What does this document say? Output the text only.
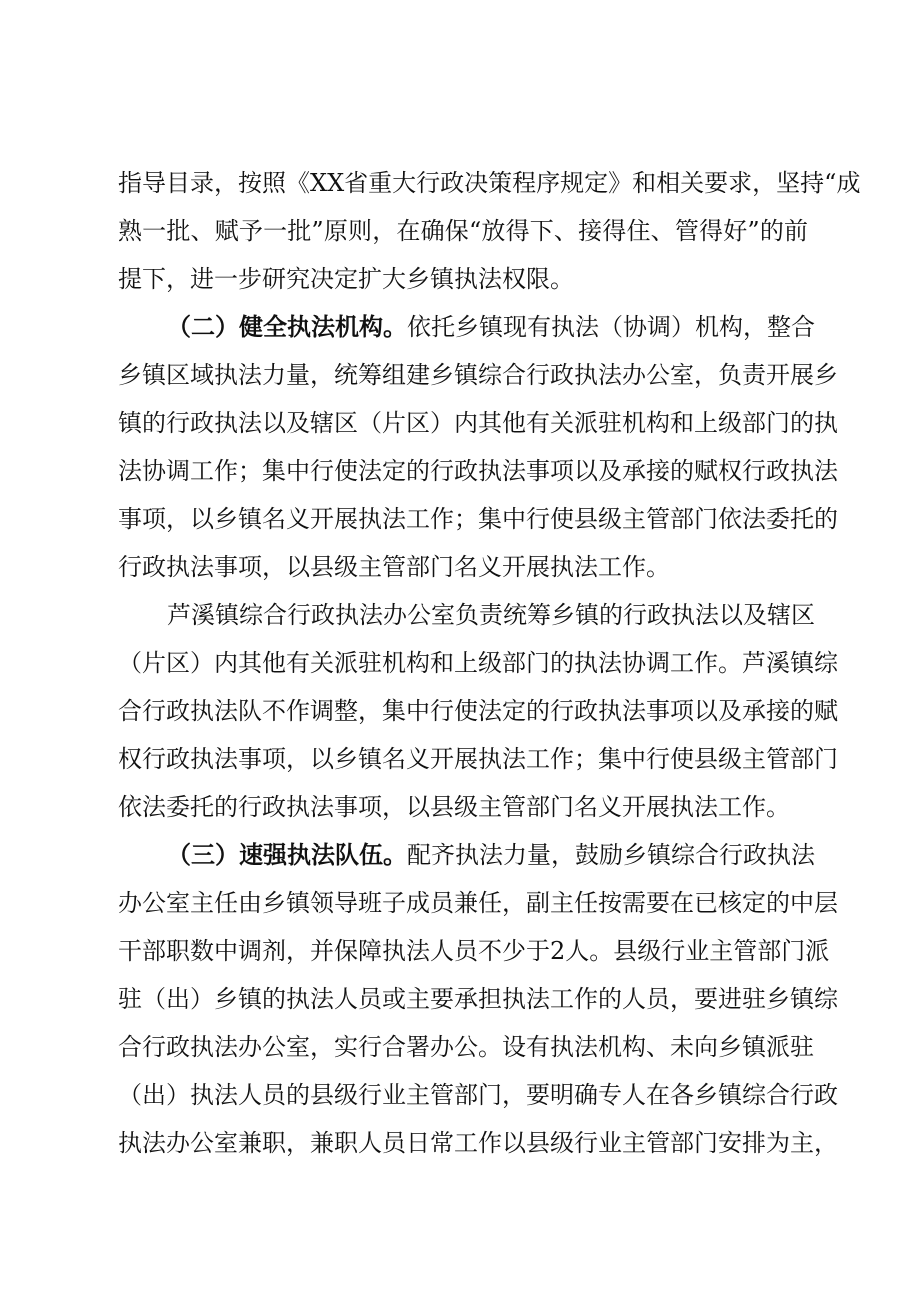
指导目录，按照《XX省重大行政决策程序规定》和相关要求，坚持“成
熟一批、赋予一批”原则，在确保“放得下、接得住、管得好”的前
提下，进一步研究决定扩大乡镇执法权限。
（二）健全执法机构。依托乡镇现有执法（协调）机构，整合
乡镇区域执法力量，统筹组建乡镇综合行政执法办公室，负责开展乡
镇的行政执法以及辖区（片区）内其他有关派驻机构和上级部门的执
法协调工作；集中行使法定的行政执法事项以及承接的赋权行政执法
事项，以乡镇名义开展执法工作；集中行使县级主管部门依法委托的
行政执法事项，以县级主管部门名义开展执法工作。
芦溪镇综合行政执法办公室负责统筹乡镇的行政执法以及辖区
（片区）内其他有关派驻机构和上级部门的执法协调工作。芦溪镇综
合行政执法队不作调整，集中行使法定的行政执法事项以及承接的赋
权行政执法事项，以乡镇名义开展执法工作；集中行使县级主管部门
依法委托的行政执法事项，以县级主管部门名义开展执法工作。
（三）速强执法队伍。配齐执法力量，鼓励乡镇综合行政执法
办公室主任由乡镇领导班子成员兼任，副主任按需要在已核定的中层
干部职数中调剂，并保障执法人员不少于2人。县级行业主管部门派
驻（出）乡镇的执法人员或主要承担执法工作的人员，要进驻乡镇综
合行政执法办公室，实行合署办公。设有执法机构、未向乡镇派驻
（出）执法人员的县级行业主管部门，要明确专人在各乡镇综合行政
执法办公室兼职，兼职人员日常工作以县级行业主管部门安排为主，
